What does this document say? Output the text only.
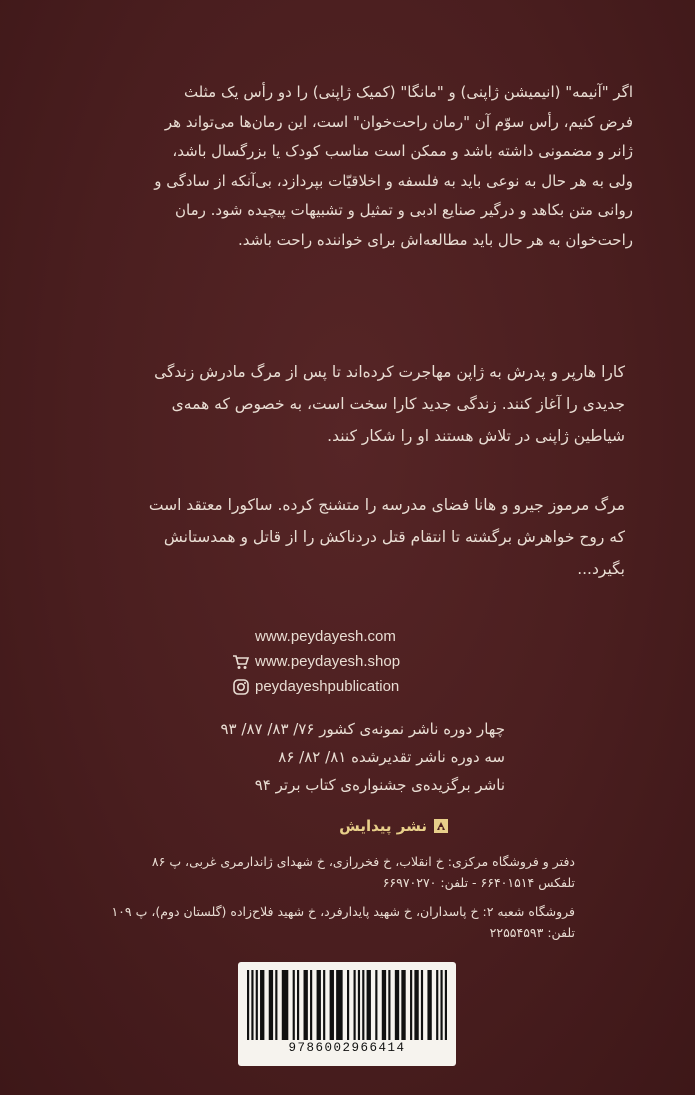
اگر "آنیمه" (انیمیشن ژاپنی) و "مانگا" (کمیک ژاپنی) را دو رأس یک مثلث

فرض کنیم، رأس سوّم آن "رمان راحت‌خوان" است، این رمان‌ها می‌تواند هر

ژانر و مضمونی داشته باشد و ممکن است مناسب کودک یا بزرگسال باشد،

ولی به هر حال به نوعی باید به فلسفه و اخلاقیّات بپردازد، بی‌آنکه از سادگی و

روانی متن بکاهد و درگیر صنایع ادبی و تمثیل و تشبیهات پیچیده شود. رمان

راحت‌خوان به هر حال باید مطالعه‌اش برای خواننده راحت باشد.

کارا هارپر و پدرش به ژاپن مهاجرت کرده‌اند تا پس از مرگ مادرش زندگی

جدیدی را آغاز کنند. زندگی جدید کارا سخت است، به خصوص که همه‌ی

شیاطین ژاپنی در تلاش هستند او را شکار کنند.

مرگ مرموز جیرو و هانا فضای مدرسه را متشنج کرده. ساکورا معتقد است

که روح خواهرش برگشته تا انتقام قتل دردناکش را از قاتل و همدستانش

بگیرد...

www.peydayesh.com
www.peydayesh.shop
peydayeshpublication
چهار دوره ناشر نمونه‌ی کشور ۷۶/ ۸۳/ ۸۷/ ۹۳
سه دوره ناشر تقدیرشده ۸۱/ ۸۲/ ۸۶
ناشر برگزیده‌ی جشنواره‌ی کتاب برتر ۹۴
نشر پیدایش
دفتر و فروشگاه مرکزی: خ انقلاب، خ فخررازی، خ شهدای ژاندارمری غربی، پ ۸۶
تلفکس ۶۶۴۰۱۵۱۴ - تلفن: ۶۶۹۷۰۲۷۰
فروشگاه شعبه ۲: خ پاسداران، خ شهید پایدارفرد، خ شهید فلاح‌زاده (گلستان دوم)، پ ۱۰۹
تلفن: ۲۲۵۵۴۵۹۳
9786002966414
